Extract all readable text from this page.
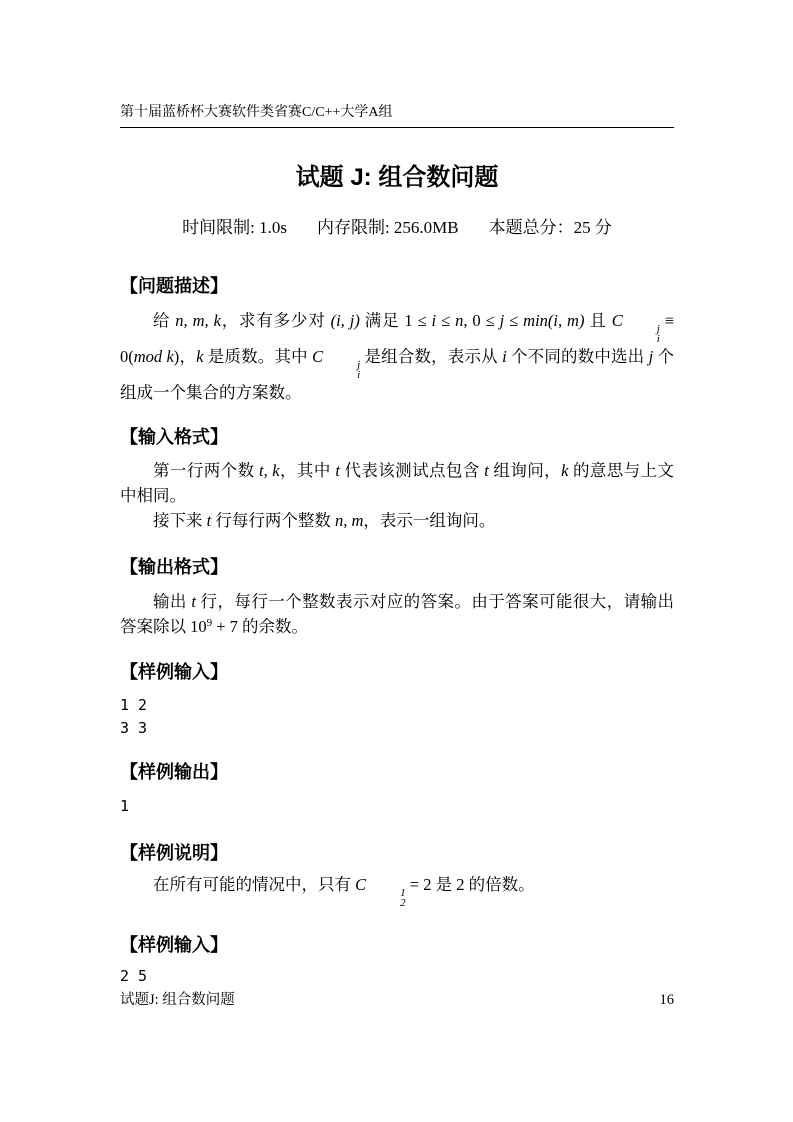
第十届蓝桥杯大赛软件类省赛C/C++大学A组
试题 J: 组合数问题
时间限制: 1.0s 内存限制: 256.0MB 本题总分：25 分
【问题描述】

给 n, m, k，求有多少对 (i, j) 满足 1 ≤ i ≤ n, 0 ≤ j ≤ min(i, m) 且 C	j
i
≡ 0(mod k)，k 是质数。其中 C	j
i
是组合数，表示从 i 个不同的数中选出 j 个组成一个集合的方案数。

【输入格式】

第一行两个数 t, k，其中 t 代表该测试点包含 t 组询问，k 的意思与上文中相同。

接下来 t 行每行两个整数 n, m，表示一组询问。

【输出格式】

输出 t 行，每行一个整数表示对应的答案。由于答案可能很大，请输出答案除以 $10^9 + 7$ 的余数。

【样例输入】
1 2
3 3
【样例输出】
1
【样例说明】

在所有可能的情况中，只有 C	1
2
= 2 是 2 的倍数。

【样例输入】
2 5
试题J: 组合数问题	16
